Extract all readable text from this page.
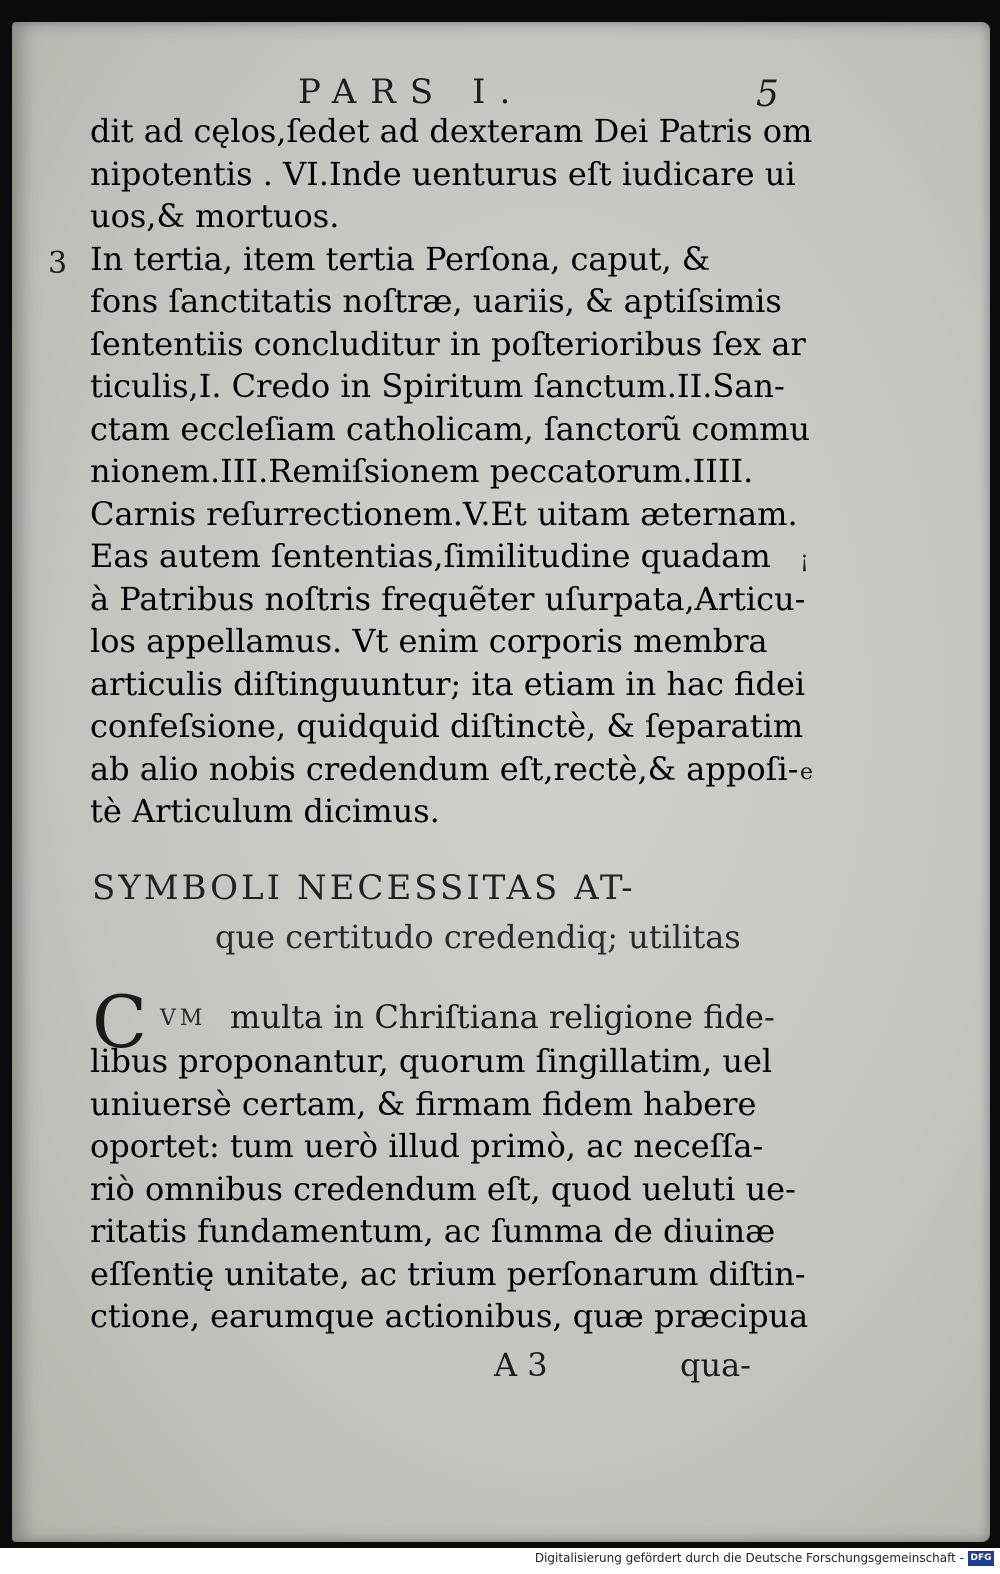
PARS I.	5
dit ad cęlos,ſedet ad dexteram Dei Patris om
nipotentis . VI.Inde uenturus eſt iudicare ui
uos,& mortuos.
In tertia, item tertia Perſona, caput, &
fons ſanctitatis noſtræ, uariis, & aptiſsimis
ſententiis concluditur in poſterioribus ſex ar
ticulis,I. Credo in Spiritum ſanctum.II.San-
ctam eccleſiam catholicam, ſanctorũ commu
nionem.III.Remiſsionem peccatorum.IIII.
Carnis reſurrectionem.V.Et uitam æternam.
Eas autem ſententias,ſimilitudine quadam
à Patribus noſtris frequẽter uſurpata,Articu-
los appellamus. Vt enim corporis membra
articulis diſtinguuntur; ita etiam in hac fidei
confeſsione, quidquid diſtinctè, & ſeparatim
ab alio nobis credendum eſt,rectè,& appoſi-
tè Articulum dicimus.
3
¡
e
SYMBOLI NECESSITAS AT-
que certitudo credendiq; utilitas
C VM multa in Chriſtiana religione fide-
libus proponantur, quorum ſingillatim, uel
uniuersè certam, & firmam fidem habere
oportet: tum uerò illud primò, ac neceſſa-
riò omnibus credendum eſt, quod ueluti ue-
ritatis fundamentum, ac ſumma de diuinæ
eſſentię unitate, ac trium perſonarum diſtin-
ctione, earumque actionibus, quæ præcipua
A 3	qua-
Digitalisierung gefördert durch die Deutsche Forschungsgemeinschaft - DFG
